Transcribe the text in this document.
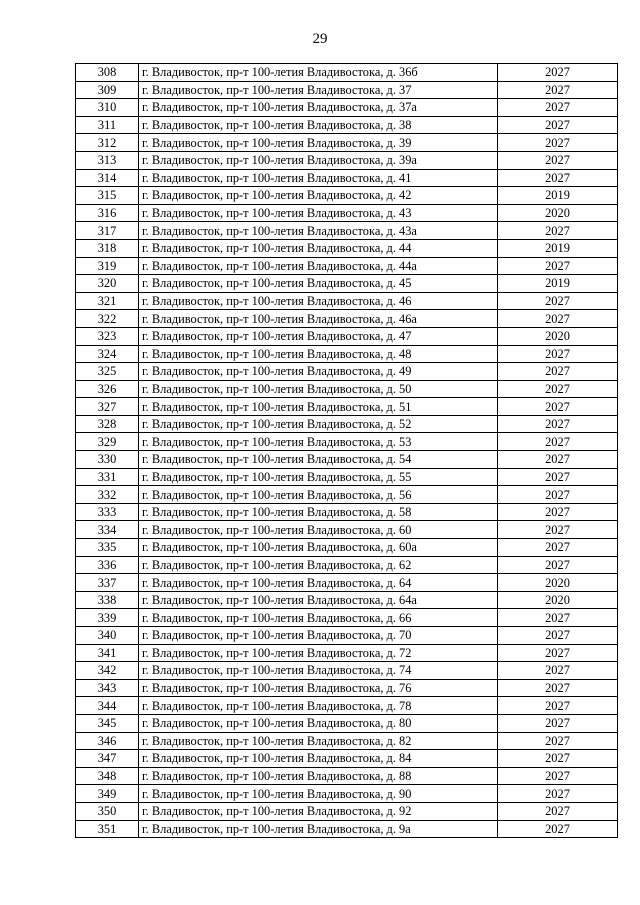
29
308	г. Владивосток, пр-т 100-летия Владивостока, д. 36б	2027
309	г. Владивосток, пр-т 100-летия Владивостока, д. 37	2027
310	г. Владивосток, пр-т 100-летия Владивостока, д. 37а	2027
311	г. Владивосток, пр-т 100-летия Владивостока, д. 38	2027
312	г. Владивосток, пр-т 100-летия Владивостока, д. 39	2027
313	г. Владивосток, пр-т 100-летия Владивостока, д. 39а	2027
314	г. Владивосток, пр-т 100-летия Владивостока, д. 41	2027
315	г. Владивосток, пр-т 100-летия Владивостока, д. 42	2019
316	г. Владивосток, пр-т 100-летия Владивостока, д. 43	2020
317	г. Владивосток, пр-т 100-летия Владивостока, д. 43а	2027
318	г. Владивосток, пр-т 100-летия Владивостока, д. 44	2019
319	г. Владивосток, пр-т 100-летия Владивостока, д. 44а	2027
320	г. Владивосток, пр-т 100-летия Владивостока, д. 45	2019
321	г. Владивосток, пр-т 100-летия Владивостока, д. 46	2027
322	г. Владивосток, пр-т 100-летия Владивостока, д. 46а	2027
323	г. Владивосток, пр-т 100-летия Владивостока, д. 47	2020
324	г. Владивосток, пр-т 100-летия Владивостока, д. 48	2027
325	г. Владивосток, пр-т 100-летия Владивостока, д. 49	2027
326	г. Владивосток, пр-т 100-летия Владивостока, д. 50	2027
327	г. Владивосток, пр-т 100-летия Владивостока, д. 51	2027
328	г. Владивосток, пр-т 100-летия Владивостока, д. 52	2027
329	г. Владивосток, пр-т 100-летия Владивостока, д. 53	2027
330	г. Владивосток, пр-т 100-летия Владивостока, д. 54	2027
331	г. Владивосток, пр-т 100-летия Владивостока, д. 55	2027
332	г. Владивосток, пр-т 100-летия Владивостока, д. 56	2027
333	г. Владивосток, пр-т 100-летия Владивостока, д. 58	2027
334	г. Владивосток, пр-т 100-летия Владивостока, д. 60	2027
335	г. Владивосток, пр-т 100-летия Владивостока, д. 60а	2027
336	г. Владивосток, пр-т 100-летия Владивостока, д. 62	2027
337	г. Владивосток, пр-т 100-летия Владивостока, д. 64	2020
338	г. Владивосток, пр-т 100-летия Владивостока, д. 64а	2020
339	г. Владивосток, пр-т 100-летия Владивостока, д. 66	2027
340	г. Владивосток, пр-т 100-летия Владивостока, д. 70	2027
341	г. Владивосток, пр-т 100-летия Владивостока, д. 72	2027
342	г. Владивосток, пр-т 100-летия Владивостока, д. 74	2027
343	г. Владивосток, пр-т 100-летия Владивостока, д. 76	2027
344	г. Владивосток, пр-т 100-летия Владивостока, д. 78	2027
345	г. Владивосток, пр-т 100-летия Владивостока, д. 80	2027
346	г. Владивосток, пр-т 100-летия Владивостока, д. 82	2027
347	г. Владивосток, пр-т 100-летия Владивостока, д. 84	2027
348	г. Владивосток, пр-т 100-летия Владивостока, д. 88	2027
349	г. Владивосток, пр-т 100-летия Владивостока, д. 90	2027
350	г. Владивосток, пр-т 100-летия Владивостока, д. 92	2027
351	г. Владивосток, пр-т 100-летия Владивостока, д. 9а	2027
